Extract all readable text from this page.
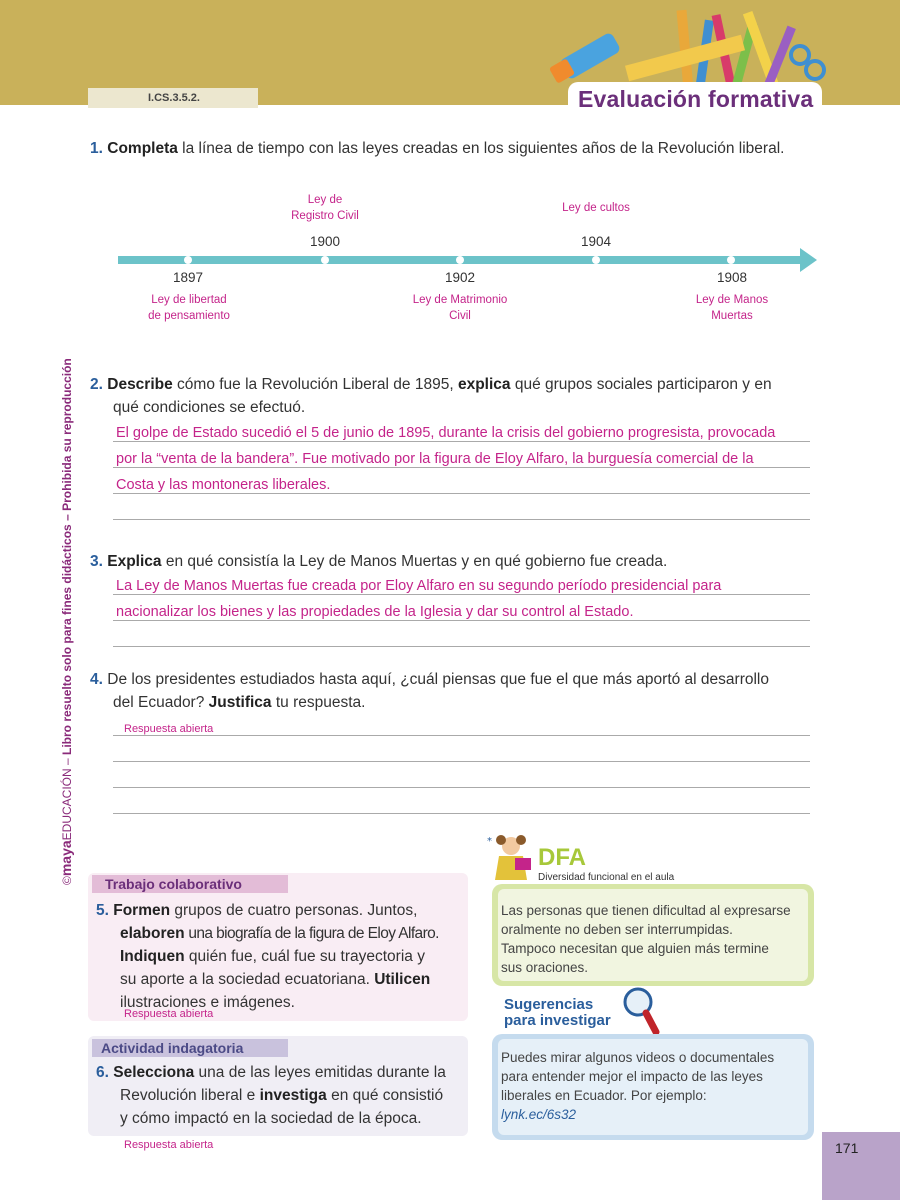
I.CS.3.5.2.	Evaluación formativa
©mayaEDUCACIÓN – Libro resuelto solo para fines didácticos – Prohibida su reproducción
1. Completa la línea de tiempo con las leyes creadas en los siguientes años de la Revolución liberal.
Ley de
Registro Civil
1900
Ley de cultos
1904
1897
Ley de libertad
de pensamiento
1902
Ley de Matrimonio
Civil
1908
Ley de Manos
Muertas
2. Describe cómo fue la Revolución Liberal de 1895, explica qué grupos sociales participaron y en
qué condiciones se efectuó.
El golpe de Estado sucedió el 5 de junio de 1895, durante la crisis del gobierno progresista, provocada
por la “venta de la bandera”. Fue motivado por la figura de Eloy Alfaro, la burguesía comercial de la
Costa y las montoneras liberales.
3. Explica en qué consistía la Ley de Manos Muertas y en qué gobierno fue creada.
La Ley de Manos Muertas fue creada por Eloy Alfaro en su segundo período presidencial para
nacionalizar los bienes y las propiedades de la Iglesia y dar su control al Estado.
4. De los presidentes estudiados hasta aquí, ¿cuál piensas que fue el que más aportó al desarrollo
del Ecuador? Justifica tu respuesta.
Respuesta abierta
Trabajo colaborativo
5. Formen grupos de cuatro personas. Juntos,
elaboren una biografía de la figura de Eloy Alfaro.
Indiquen quién fue, cuál fue su trayectoria y
su aporte a la sociedad ecuatoriana. Utilicen
ilustraciones e imágenes.
Respuesta abierta
Actividad indagatoria
6. Selecciona una de las leyes emitidas durante la
Revolución liberal e investiga en qué consistió
y cómo impactó en la sociedad de la época.
Respuesta abierta
*
DFA
Diversidad funcional en el aula
Las personas que tienen dificultad al expresarse
oralmente no deben ser interrumpidas.
Tampoco necesitan que alguien más termine
sus oraciones.
Sugerencias
para investigar
Puedes mirar algunos videos o documentales
para entender mejor el impacto de las leyes
liberales en Ecuador. Por ejemplo:
lynk.ec/6s32
171
